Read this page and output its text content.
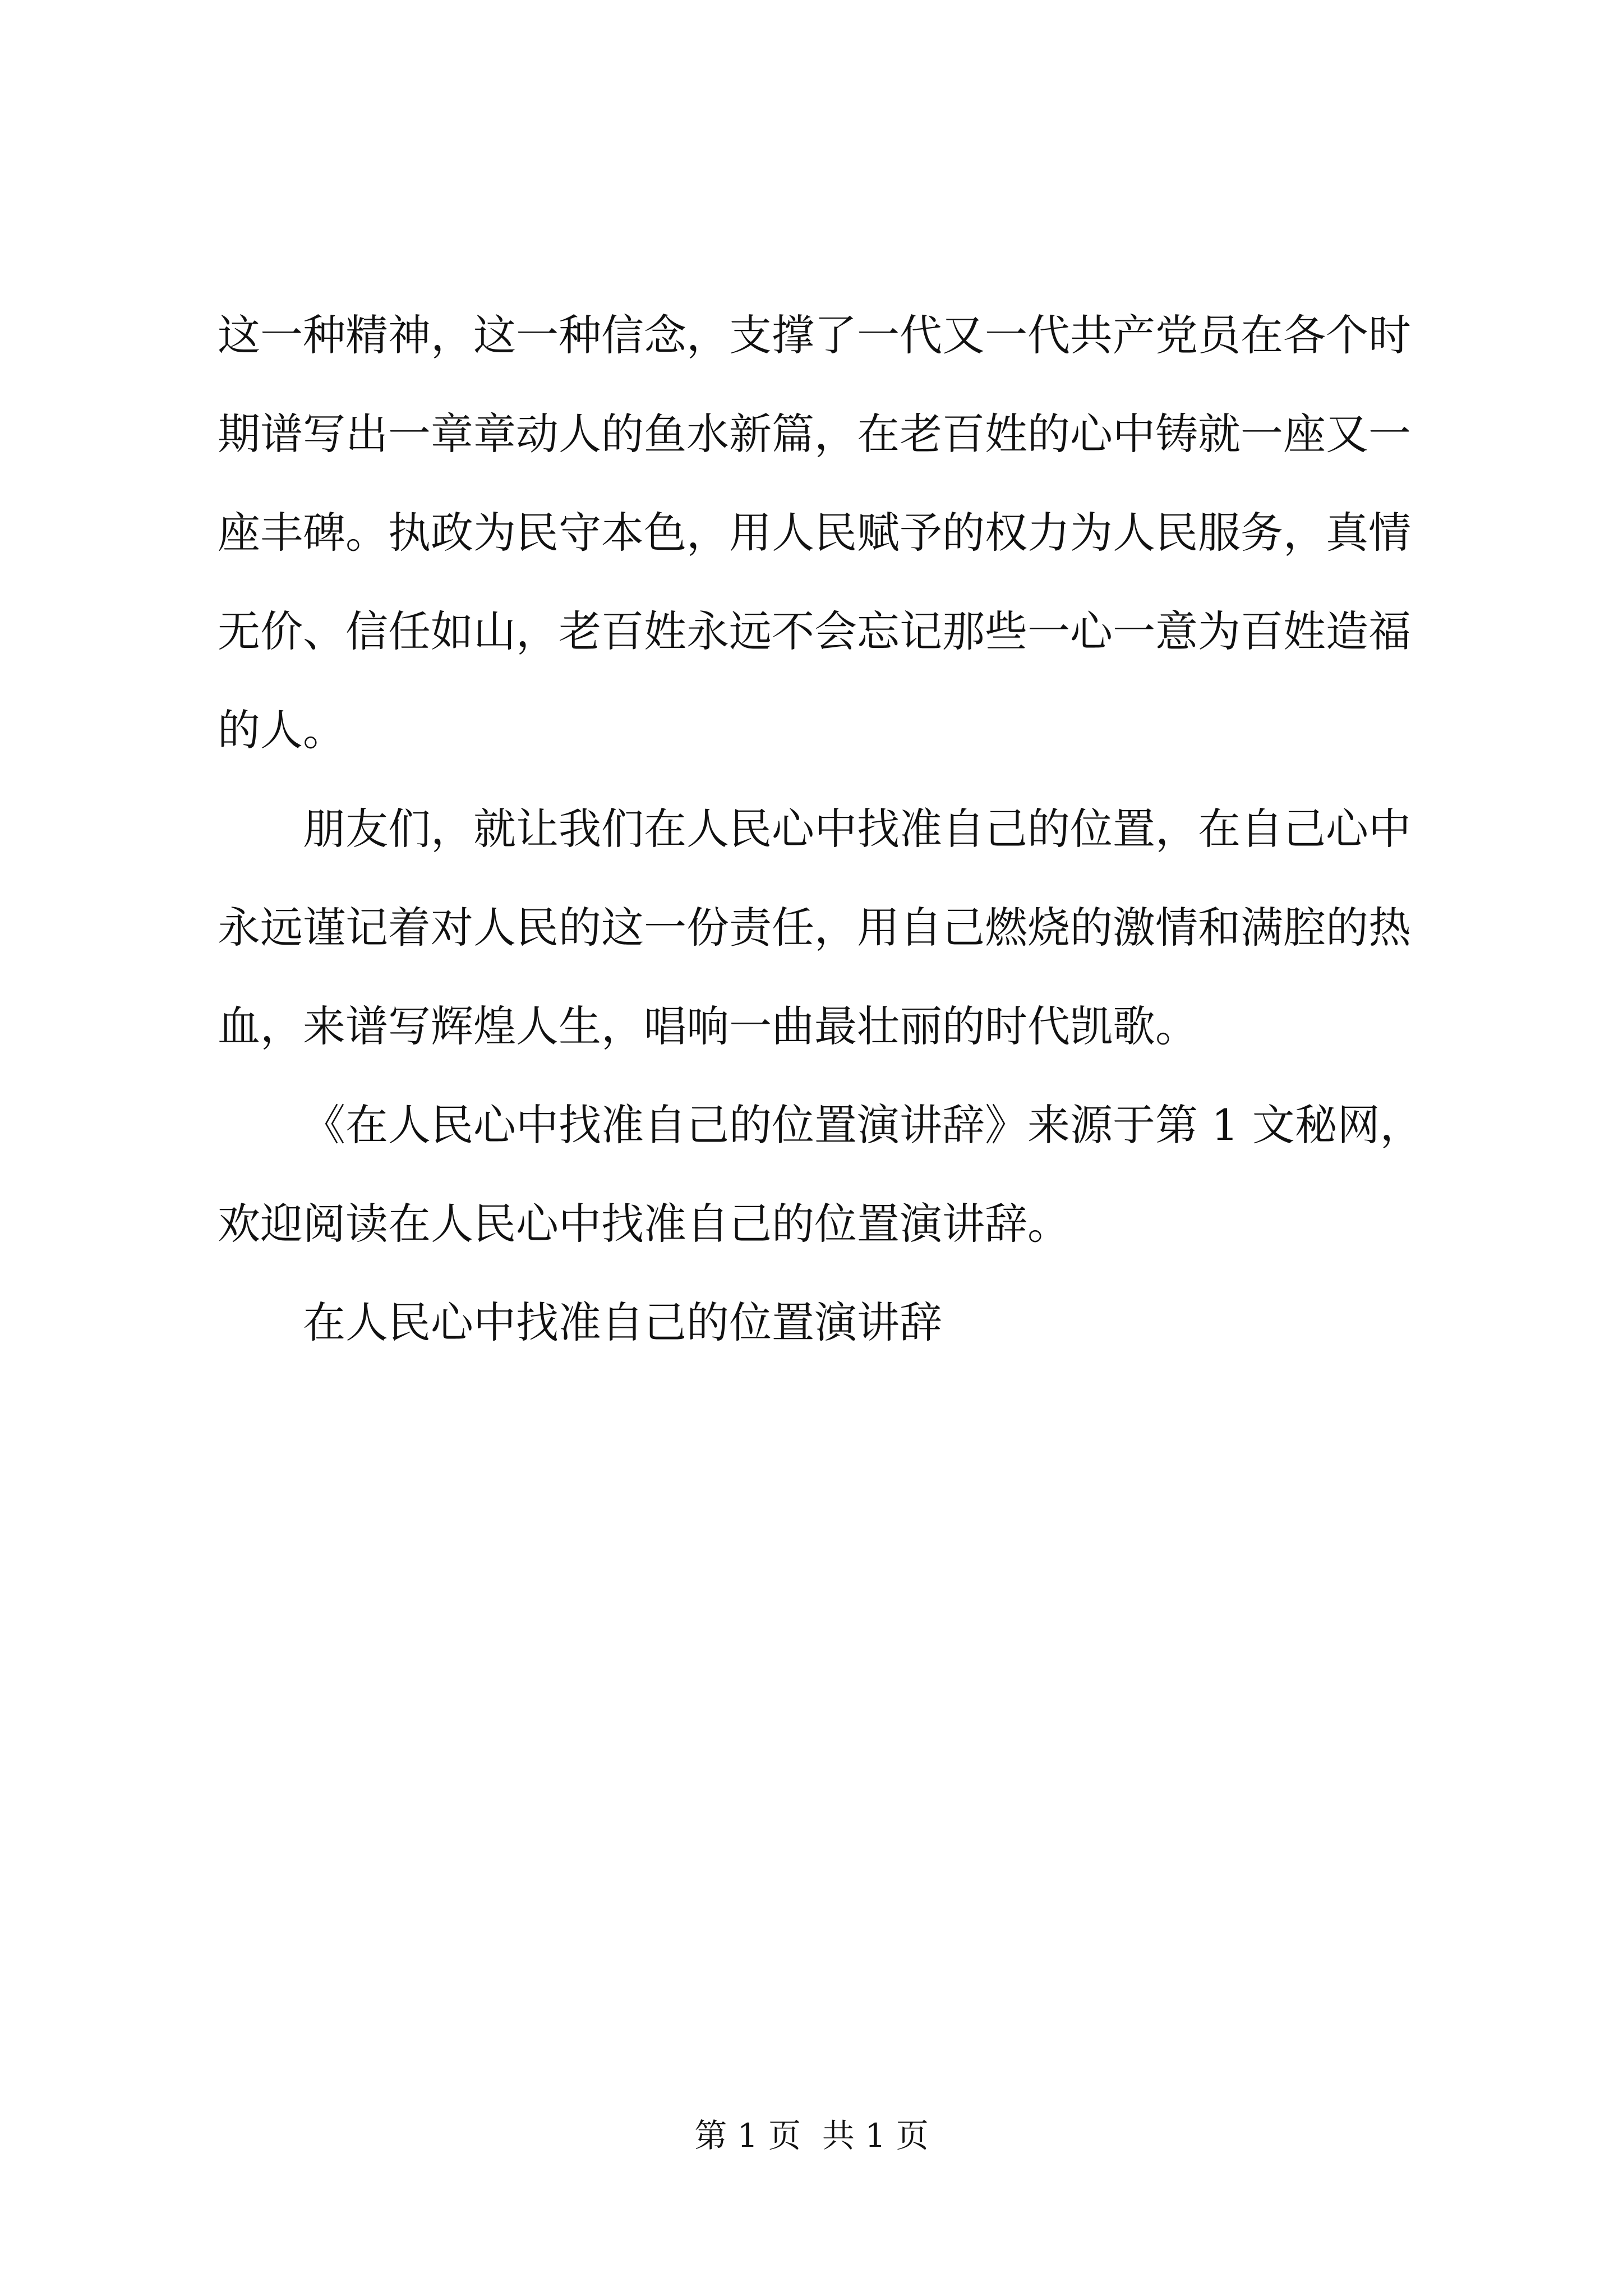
这一种精神，这一种信念，支撑了一代又一代共产党员在各个时
期谱写出一章章动人的鱼水新篇，在老百姓的心中铸就一座又一
座丰碑。执政为民守本色，用人民赋予的权力为人民服务，真情
无价、信任如山，老百姓永远不会忘记那些一心一意为百姓造福
的人。
朋友们，就让我们在人民心中找准自己的位置，在自己心中
永远谨记着对人民的这一份责任，用自己燃烧的激情和满腔的热
血，来谱写辉煌人生，唱响一曲最壮丽的时代凯歌。
《在人民心中找准自己的位置演讲辞》来源于第 1 文秘网，
欢迎阅读在人民心中找准自己的位置演讲辞。
在人民心中找准自己的位置演讲辞
第 1 页 共 1 页
